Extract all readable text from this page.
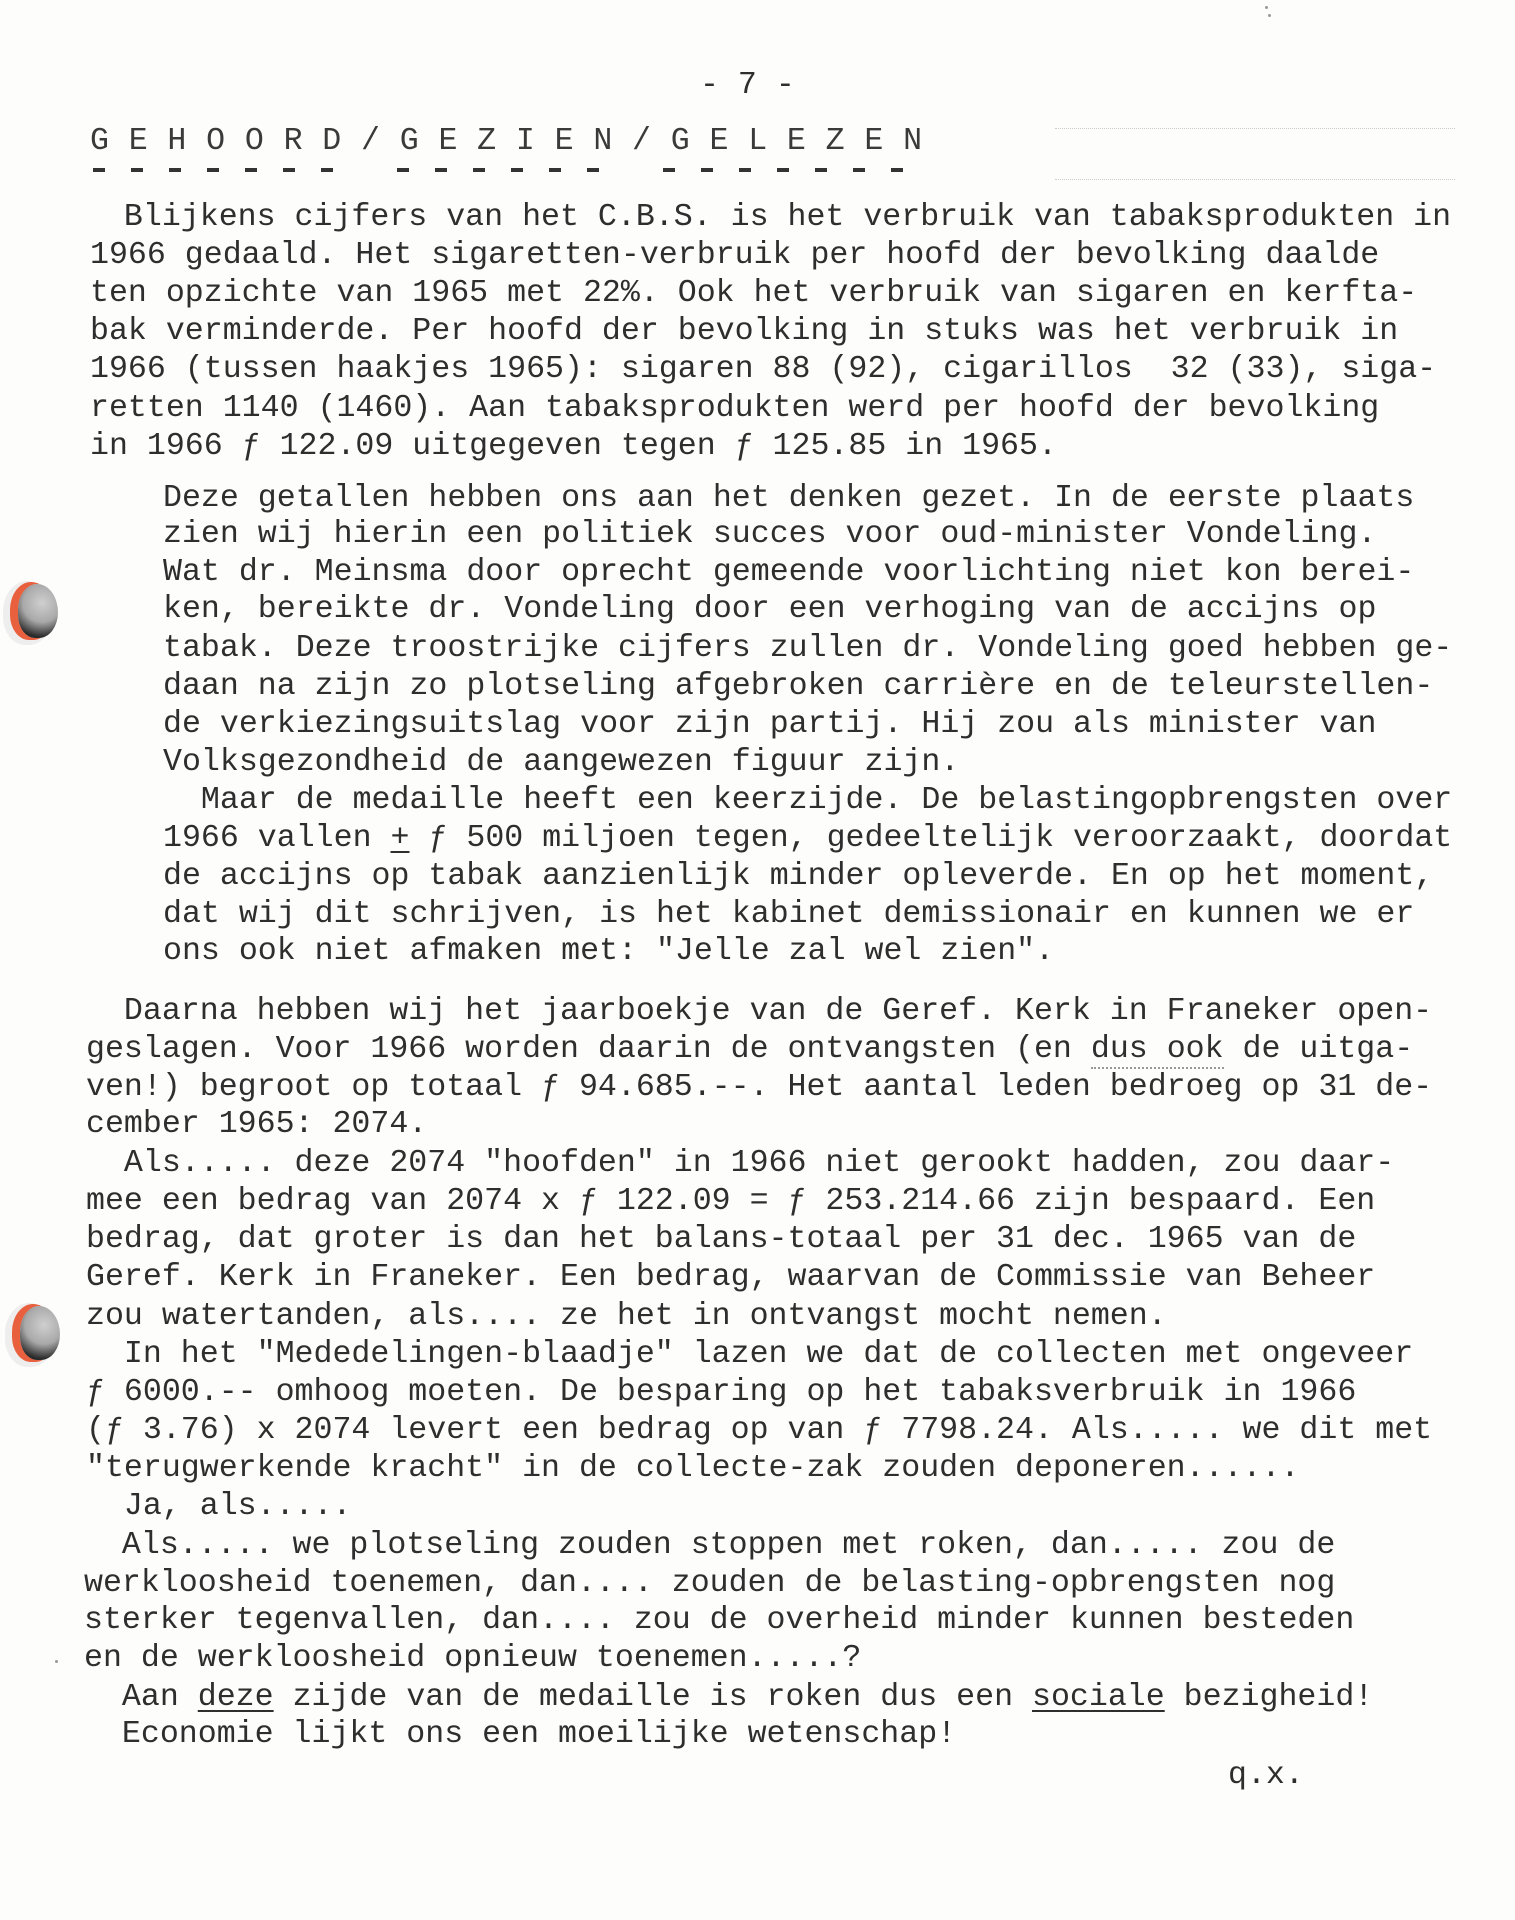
- 7 -
G E H O O R D / G E Z I E N / G E L E Z E N
Blijkens cijfers van het C.B.S. is het verbruik van tabaksprodukten in
1966 gedaald. Het sigaretten-verbruik per hoofd der bevolking daalde
ten opzichte van 1965 met 22%. Ook het verbruik van sigaren en kerfta-
bak verminderde. Per hoofd der bevolking in stuks was het verbruik in
1966 (tussen haakjes 1965): sigaren 88 (92), cigarillos  32 (33), siga-
retten 1140 (1460). Aan tabaksprodukten werd per hoofd der bevolking
in 1966 ƒ 122.09 uitgegeven tegen ƒ 125.85 in 1965.
Deze getallen hebben ons aan het denken gezet. In de eerste plaats
zien wij hierin een politiek succes voor oud-minister Vondeling.
Wat dr. Meinsma door oprecht gemeende voorlichting niet kon berei-
ken, bereikte dr. Vondeling door een verhoging van de accijns op
tabak. Deze troostrijke cijfers zullen dr. Vondeling goed hebben ge-
daan na zijn zo plotseling afgebroken carrière en de teleurstellen-
de verkiezingsuitslag voor zijn partij. Hij zou als minister van
Volksgezondheid de aangewezen figuur zijn.
Maar de medaille heeft een keerzijde. De belastingopbrengsten over
1966 vallen + ƒ 500 miljoen tegen, gedeeltelijk veroorzaakt, doordat
de accijns op tabak aanzienlijk minder opleverde. En op het moment,
dat wij dit schrijven, is het kabinet demissionair en kunnen we er
ons ook niet afmaken met: "Jelle zal wel zien".
Daarna hebben wij het jaarboekje van de Geref. Kerk in Franeker open-
geslagen. Voor 1966 worden daarin de ontvangsten (en dus ook de uitga-
ven!) begroot op totaal ƒ 94.685.--. Het aantal leden bedroeg op 31 de-
cember 1965: 2074.
Als..... deze 2074 "hoofden" in 1966 niet gerookt hadden, zou daar-
mee een bedrag van 2074 x ƒ 122.09 = ƒ 253.214.66 zijn bespaard. Een
bedrag, dat groter is dan het balans-totaal per 31 dec. 1965 van de
Geref. Kerk in Franeker. Een bedrag, waarvan de Commissie van Beheer
zou watertanden, als.... ze het in ontvangst mocht nemen.
In het "Mededelingen-blaadje" lazen we dat de collecten met ongeveer
ƒ 6000.-- omhoog moeten. De besparing op het tabaksverbruik in 1966
(ƒ 3.76) x 2074 levert een bedrag op van ƒ 7798.24. Als..... we dit met
"terugwerkende kracht" in de collecte-zak zouden deponeren......
Ja, als.....
Als..... we plotseling zouden stoppen met roken, dan..... zou de
werkloosheid toenemen, dan.... zouden de belasting-opbrengsten nog
sterker tegenvallen, dan.... zou de overheid minder kunnen besteden
en de werkloosheid opnieuw toenemen.....?
Aan deze zijde van de medaille is roken dus een sociale bezigheid!
Economie lijkt ons een moeilijke wetenschap!
q.x.
